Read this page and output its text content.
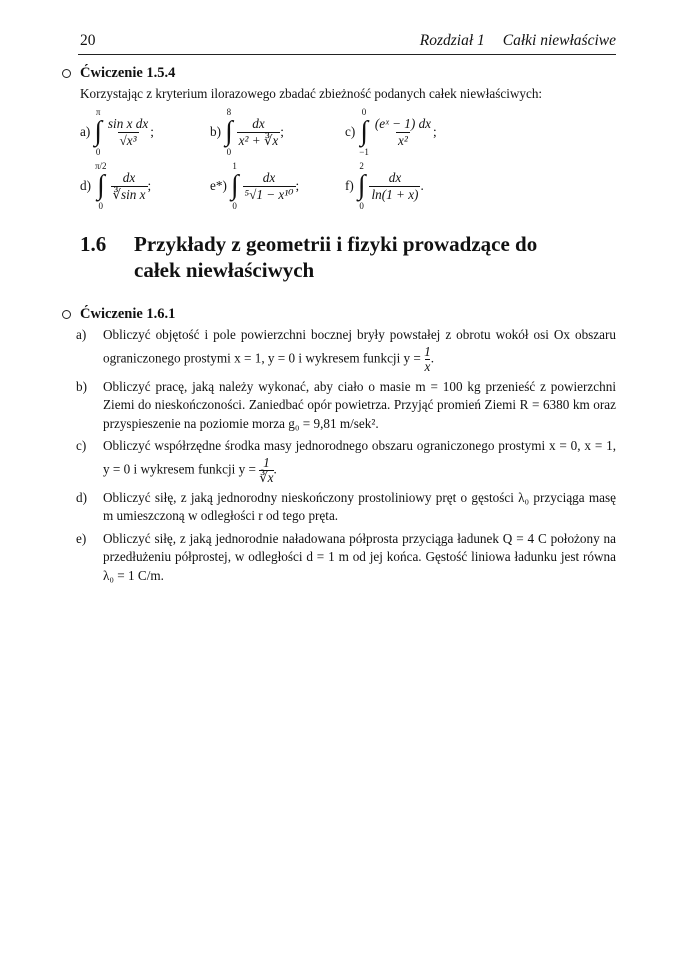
20	Rozdział 1 Całki niewłaściwe
Ćwiczenie 1.5.4
Korzystając z kryterium ilorazowego zbadać zbieżność podanych całek niewłaściwych:
a)
π
∫
0
$\frac{\text{sin x dx}}{\text{√x³}}$ ;	b)
8
∫
0
$\frac{dx}{\text{x² + ∛x}}$ ;	c)
0
∫
−1
$\frac{\text{(eˣ − 1) dx}}{\text{x²}}$ ;
d)
π/2
∫
0
$\frac{dx}{\text{∛sin x}}$ ;	e*)
1
∫
0
$\frac{dx}{\text{⁵√1 − x¹⁰}}$ ;	f)
2
∫
0
$\frac{dx}{\ln(1 + x)}$ .
1.6	Przykłady z geometrii i fizyki prowadzące do
całek niewłaściwych
Ćwiczenie 1.6.1
a)	Obliczyć objętość i pole powierzchni bocznej bryły powstałej z obrotu wokół osi Ox obszaru ograniczonego prostymi x = 1, y = 0 i wykresem funkcji $y = \frac{1}{x}$ .
b)	Obliczyć pracę, jaką należy wykonać, aby ciało o masie m = 100 kg przenieść z powierzchni Ziemi do nieskończoności. Zaniedbać opór powietrza. Przyjąć promień Ziemi R = 6380 km oraz przyspieszenie na poziomie morza g₀ = 9,81 m/sek².
c)	Obliczyć współrzędne środka masy jednorodnego obszaru ograniczonego prostymi x = 0, x = 1, y = 0 i wykresem funkcji $y = \frac{1}{∛x}$ .
d)	Obliczyć siłę, z jaką jednorodny nieskończony prostoliniowy pręt o gęstości λ₀ przyciąga masę m umieszczoną w odległości r od tego pręta.
e)	Obliczyć siłę, z jaką jednorodnie naładowana półprosta przyciąga ładunek Q = 4 C położony na przedłużeniu półprostej, w odległości d = 1 m od jej końca. Gęstość liniowa ładunku jest równa λ₀ = 1 C/m.
